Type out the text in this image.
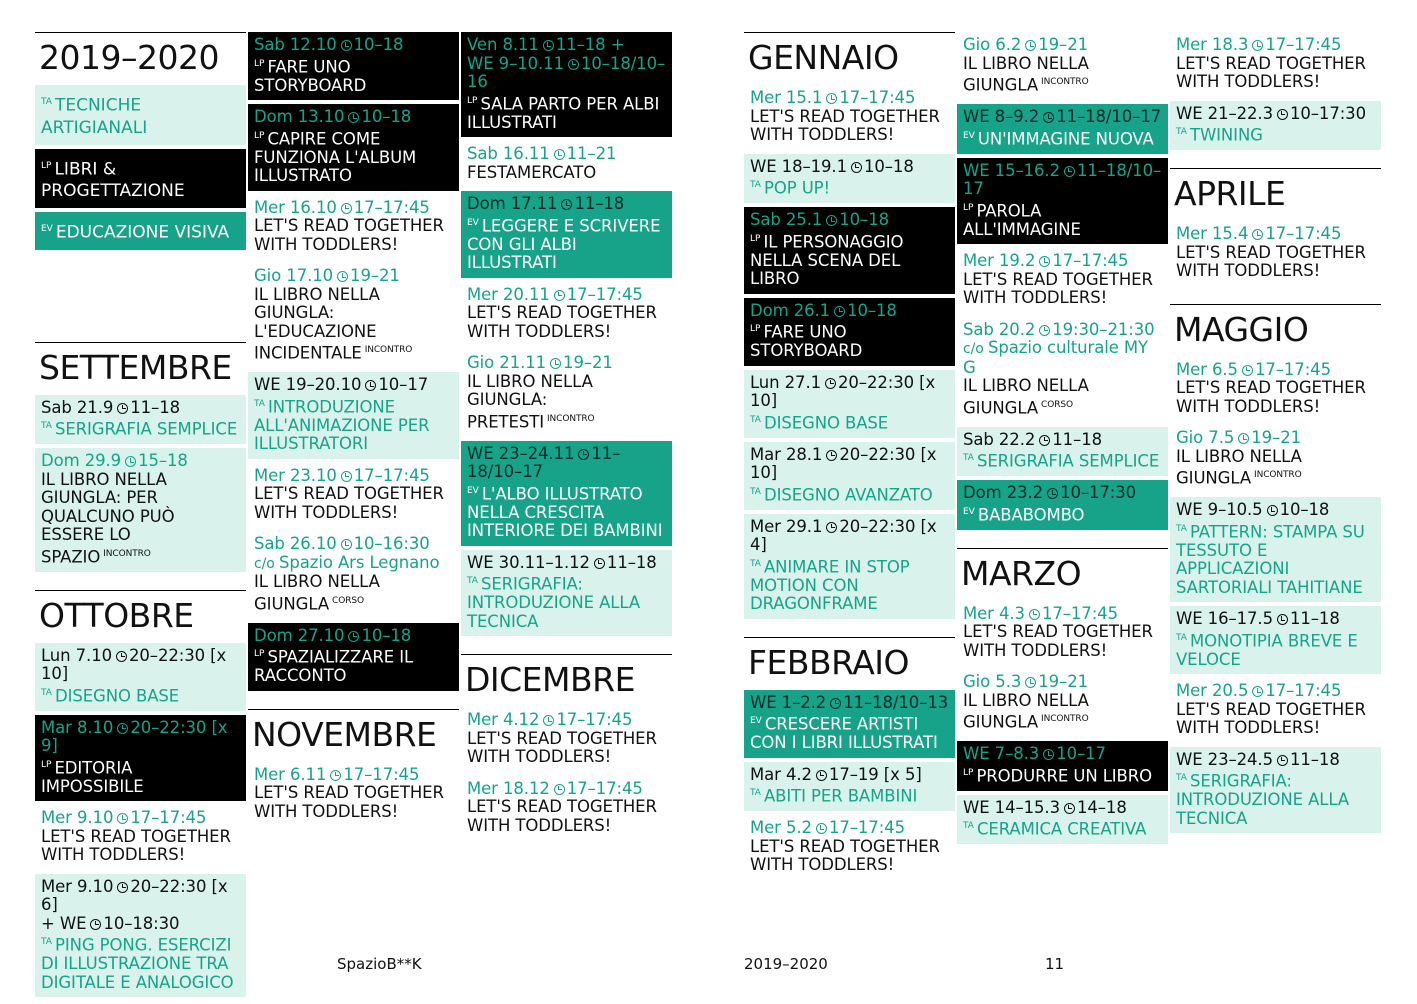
2019–2020
$^{TA}$ TECNICHE ARTIGIANALI
$^{LP}$ LIBRI & PROGETTAZIONE
$^{EV}$ EDUCAZIONE VISIVA
SETTEMBRE
Sab 21.9 11–18
$^{TA}$ SERIGRAFIA SEMPLICE
Dom 29.9 15–18
IL LIBRO NELLA GIUNGLA: PER QUALCUNO PUÒ ESSERE LO SPAZIO $^{INCONTRO}$
OTTOBRE
Lun 7.10 20–22:30 [x 10]
$^{TA}$ DISEGNO BASE
Mar 8.10 20–22:30 [x 9]
$^{LP}$ EDITORIA IMPOSSIBILE
Mer 9.10 17–17:45
LET'S READ TOGETHER WITH TODDLERS!
Mer 9.10 20–22:30 [x 6]
+ WE 10–18:30
$^{TA}$ PING PONG. ESERCIZI DI ILLUSTRAZIONE TRA DIGITALE E ANALOGICO
Sab 12.10 10–18
$^{LP}$ FARE UNO STORYBOARD
Dom 13.10 10–18
$^{LP}$ CAPIRE COME FUNZIONA L'ALBUM ILLUSTRATO
Mer 16.10 17–17:45
LET'S READ TOGETHER WITH TODDLERS!
Gio 17.10 19–21
IL LIBRO NELLA GIUNGLA: L'EDUCAZIONE INCIDENTALE $^{INCONTRO}$
WE 19–20.10 10–17
$^{TA}$ INTRODUZIONE ALL'ANIMAZIONE PER ILLUSTRATORI
Mer 23.10 17–17:45
LET'S READ TOGETHER WITH TODDLERS!
Sab 26.10 10–16:30
c/o Spazio Ars Legnano
IL LIBRO NELLA GIUNGLA $^{CORSO}$
Dom 27.10 10–18
$^{LP}$ SPAZIALIZZARE IL RACCONTO
NOVEMBRE
Mer 6.11 17–17:45
LET'S READ TOGETHER WITH TODDLERS!
Ven 8.11 11–18 +
WE 9–10.11 10–18/10–16
$^{LP}$ SALA PARTO PER ALBI ILLUSTRATI
Sab 16.11 11–21
FESTAMERCATO
Dom 17.11 11–18
$^{EV}$ LEGGERE E SCRIVERE CON GLI ALBI ILLUSTRATI
Mer 20.11 17–17:45
LET'S READ TOGETHER WITH TODDLERS!
Gio 21.11 19–21
IL LIBRO NELLA GIUNGLA: PRETESTI $^{INCONTRO}$
WE 23–24.11 11–18/10–17
$^{EV}$ L'ALBO ILLUSTRATO NELLA CRESCITA INTERIORE DEI BAMBINI
WE 30.11–1.12 11–18
$^{TA}$ SERIGRAFIA: INTRODUZIONE ALLA TECNICA
DICEMBRE
Mer 4.12 17–17:45
LET'S READ TOGETHER WITH TODDLERS!
Mer 18.12 17–17:45
LET'S READ TOGETHER WITH TODDLERS!
GENNAIO
Mer 15.1 17–17:45
LET'S READ TOGETHER WITH TODDLERS!
WE 18–19.1 10–18
$^{TA}$ POP UP!
Sab 25.1 10–18
$^{LP}$ IL PERSONAGGIO NELLA SCENA DEL LIBRO
Dom 26.1 10–18
$^{LP}$ FARE UNO STORYBOARD
Lun 27.1 20–22:30 [x 10]
$^{TA}$ DISEGNO BASE
Mar 28.1 20–22:30 [x 10]
$^{TA}$ DISEGNO AVANZATO
Mer 29.1 20–22:30 [x 4]
$^{TA}$ ANIMARE IN STOP MOTION CON DRAGONFRAME
FEBBRAIO
WE 1–2.2 11–18/10–13
$^{EV}$ CRESCERE ARTISTI CON I LIBRI ILLUSTRATI
Mar 4.2 17–19 [x 5]
$^{TA}$ ABITI PER BAMBINI
Mer 5.2 17–17:45
LET'S READ TOGETHER WITH TODDLERS!
Gio 6.2 19–21
IL LIBRO NELLA GIUNGLA $^{INCONTRO}$
WE 8–9.2 11–18/10–17
$^{EV}$ UN'IMMAGINE NUOVA
WE 15–16.2 11–18/10–17
$^{LP}$ PAROLA ALL'IMMAGINE
Mer 19.2 17–17:45
LET'S READ TOGETHER WITH TODDLERS!
Sab 20.2 19:30–21:30
c/o Spazio culturale MY G
IL LIBRO NELLA GIUNGLA $^{CORSO}$
Sab 22.2 11–18
$^{TA}$ SERIGRAFIA SEMPLICE
Dom 23.2 10–17:30
$^{EV}$ BABABOMBO
MARZO
Mer 4.3 17–17:45
LET'S READ TOGETHER WITH TODDLERS!
Gio 5.3 19–21
IL LIBRO NELLA GIUNGLA $^{INCONTRO}$
WE 7–8.3 10–17
$^{LP}$ PRODURRE UN LIBRO
WE 14–15.3 14–18
$^{TA}$ CERAMICA CREATIVA
Mer 18.3 17–17:45
LET'S READ TOGETHER WITH TODDLERS!
WE 21–22.3 10–17:30
$^{TA}$ TWINING
APRILE
Mer 15.4 17–17:45
LET'S READ TOGETHER WITH TODDLERS!
MAGGIO
Mer 6.5 17–17:45
LET'S READ TOGETHER WITH TODDLERS!
Gio 7.5 19–21
IL LIBRO NELLA GIUNGLA $^{INCONTRO}$
WE 9–10.5 10–18
$^{TA}$ PATTERN: STAMPA SU TESSUTO E APPLICAZIONI SARTORIALI TAHITIANE
WE 16–17.5 11–18
$^{TA}$ MONOTIPIA BREVE E VELOCE
Mer 20.5 17–17:45
LET'S READ TOGETHER WITH TODDLERS!
WE 23–24.5 11–18
$^{TA}$ SERIGRAFIA: INTRODUZIONE ALLA TECNICA
SpazioB**K	2019–2020	11
